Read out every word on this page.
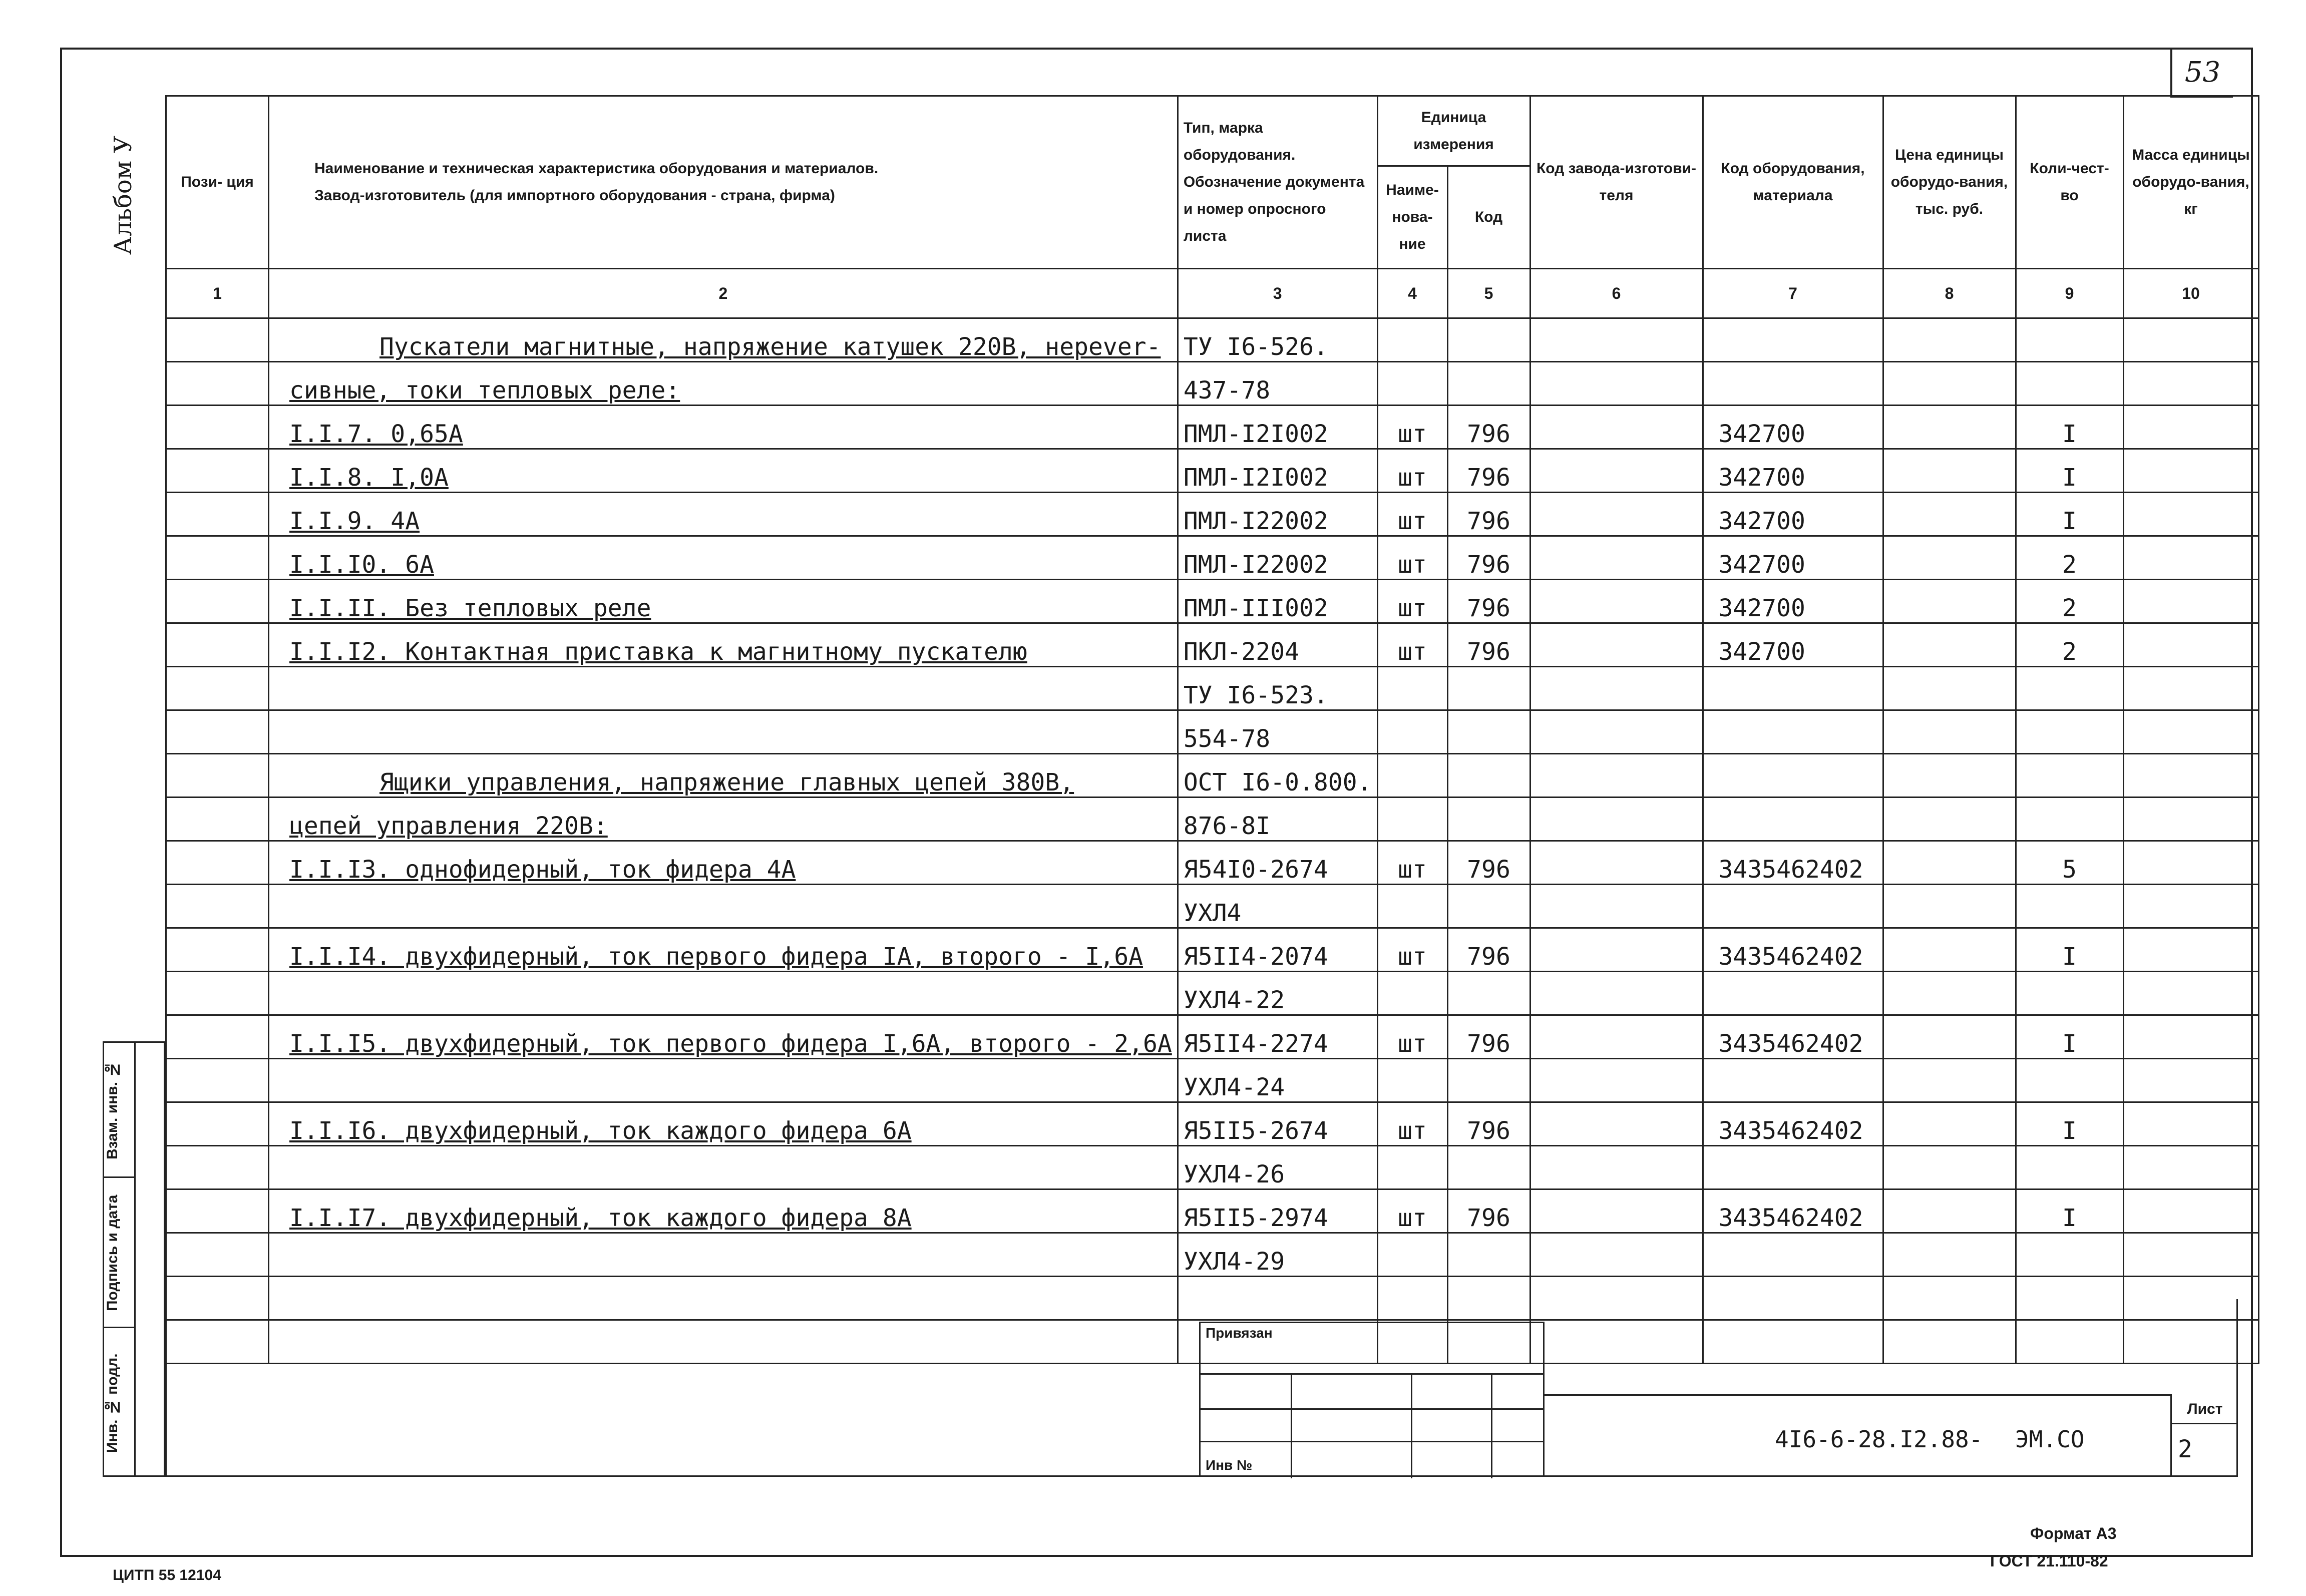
53
Альбом У	Пози- ция	Наименование и техническая характеристика оборудования и материалов.
Завод-изготовитель (для импортного оборудования - страна, фирма)	Тип, марка оборудования. Обозначение документа и номер опросного листа	Единица измерения		Код завода-изготови-теля	Код оборудования, материала	Цена единицы оборудо-вания, тыс. руб.	Коли-чест-во	Масса единицы оборудо-вания, кг
			Наиме-нова-ние	Код					
1	2	3	4	5	6	7	8	9	10
	Пускатели магнитные, напряжение катушек 220В, нерever-	ТУ I6-526.							
	сивные, токи тепловых реле:	437-78							
	I.I.7. 0,65А	ПМЛ-I2I002	шт	796		342700		I	
	I.I.8. I,0А	ПМЛ-I2I002	шт	796		342700		I	
	I.I.9. 4А	ПМЛ-I22002	шт	796		342700		I	
	I.I.I0. 6А	ПМЛ-I22002	шт	796		342700		2	
	I.I.II. Без тепловых реле	ПМЛ-III002	шт	796		342700		2	
	I.I.I2. Контактная приставка к магнитному пускателю	ПКЛ-2204	шт	796		342700		2	
		ТУ I6-523.							
		554-78							
	Ящики управления, напряжение главных цепей 380В,	ОСТ I6-0.800.							
	цепей управления 220В:	876-8I							
	I.I.I3. однофидерный, ток фидера 4А	Я54I0-2674	шт	796		3435462402		5	
		УХЛ4							
	I.I.I4. двухфидерный, ток первого фидера IА, второго - I,6А	Я5II4-2074	шт	796		3435462402		I	
		УХЛ4-22							
	I.I.I5. двухфидерный, ток первого фидера I,6А, второго - 2,6А	Я5II4-2274	шт	796		3435462402		I	
		УХЛ4-24							
	I.I.I6. двухфидерный, ток каждого фидера 6А	Я5II5-2674	шт	796		3435462402		I	
		УХЛ4-26							
	I.I.I7. двухфидерный, ток каждого фидера 8А	Я5II5-2974	шт	796		3435462402		I	
		УХЛ4-29							

Взам. инв. №
Подпись и дата
Инв. № подл.
Привязан
Инв №
4I6-6-28.I2.88- ЭМ.СО
Лист
2
ЦИТП 55 12104
Формат А3
ГОСТ 21.110-82
